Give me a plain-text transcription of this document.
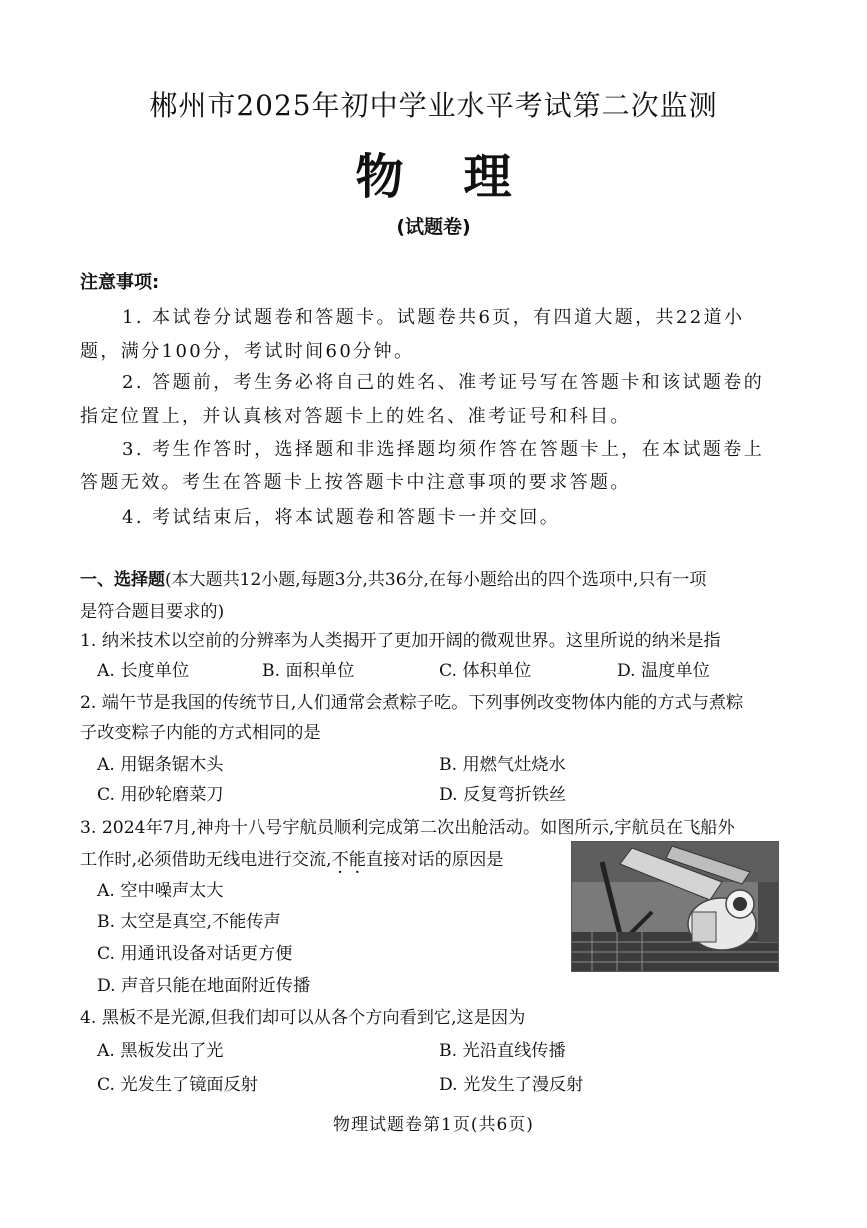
郴州市2025年初中学业水平考试第二次监测
物理
(试题卷)
注意事项:
1. 本试卷分试题卷和答题卡。试题卷共6页，有四道大题，共22道小
题，满分100分，考试时间60分钟。
2. 答题前，考生务必将自己的姓名、准考证号写在答题卡和该试题卷的
指定位置上，并认真核对答题卡上的姓名、准考证号和科目。
3. 考生作答时，选择题和非选择题均须作答在答题卡上，在本试题卷上
答题无效。考生在答题卡上按答题卡中注意事项的要求答题。
4. 考试结束后，将本试题卷和答题卡一并交回。
一、选择题(本大题共12小题,每题3分,共36分,在每小题给出的四个选项中,只有一项
是符合题目要求的)
1. 纳米技术以空前的分辨率为人类揭开了更加开阔的微观世界。这里所说的纳米是指
A. 长度单位	B. 面积单位	C. 体积单位	D. 温度单位
2. 端午节是我国的传统节日,人们通常会煮粽子吃。下列事例改变物体内能的方式与煮粽
子改变粽子内能的方式相同的是
A. 用锯条锯木头	B. 用燃气灶烧水
C. 用砂轮磨菜刀	D. 反复弯折铁丝
3. 2024年7月,神舟十八号宇航员顺利完成第二次出舱活动。如图所示,宇航员在飞船外
工作时,必须借助无线电进行交流,不能直接对话的原因是
A. 空中噪声太大
B. 太空是真空,不能传声
C. 用通讯设备对话更方便
D. 声音只能在地面附近传播
4. 黑板不是光源,但我们却可以从各个方向看到它,这是因为
A. 黑板发出了光	B. 光沿直线传播
C. 光发生了镜面反射	D. 光发生了漫反射
物理试题卷第1页(共6页)
